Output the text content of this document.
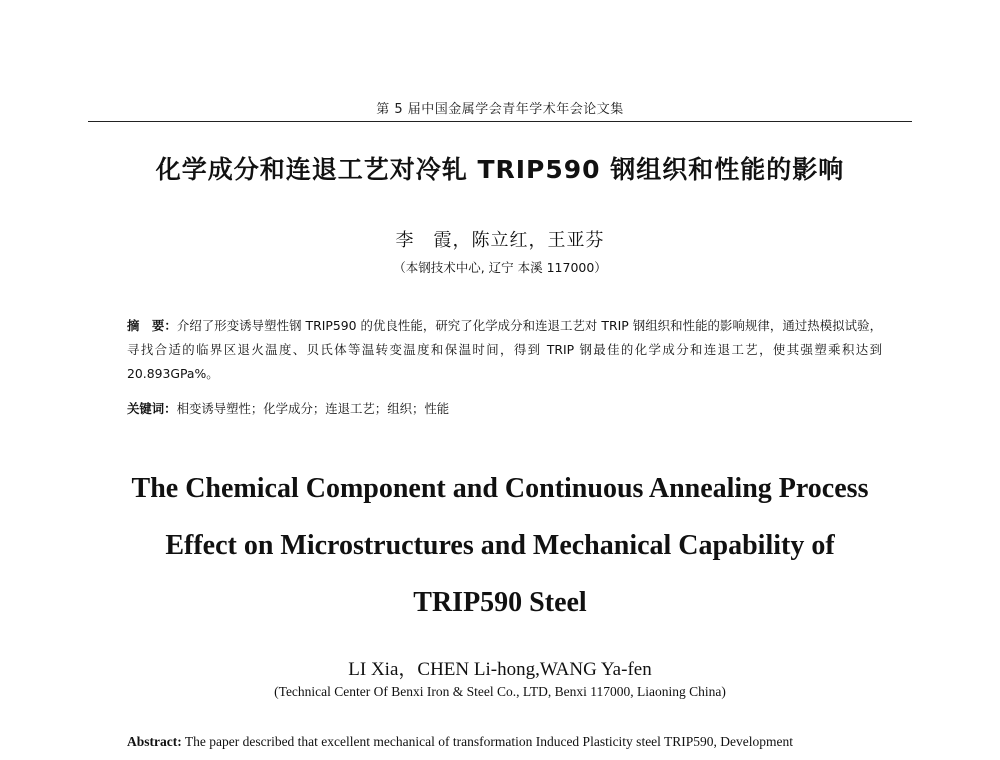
第 5 届中国金属学会青年学术年会论文集
化学成分和连退工艺对冷轧 TRIP590 钢组织和性能的影响
李　霞，陈立红，王亚芬
（本钢技术中心, 辽宁 本溪 117000）
摘　要：介绍了形变诱导塑性钢 TRIP590 的优良性能，研究了化学成分和连退工艺对 TRIP 钢组织和性能的影响规律，通过热模拟试验，寻找合适的临界区退火温度、贝氏体等温转变温度和保温时间，得到 TRIP 钢最佳的化学成分和连退工艺，使其强塑乘积达到 20.893GPa%。
关键词：相变诱导塑性；化学成分；连退工艺；组织；性能
The Chemical Component and Continuous Annealing Process
Effect on Microstructures and Mechanical Capability of
TRIP590 Steel
LI Xia，CHEN Li-hong,WANG Ya-fen
(Technical Center Of Benxi Iron & Steel Co., LTD, Benxi 117000, Liaoning China)
Abstract: The paper described that excellent mechanical of transformation Induced Plasticity steel TRIP590, Development
